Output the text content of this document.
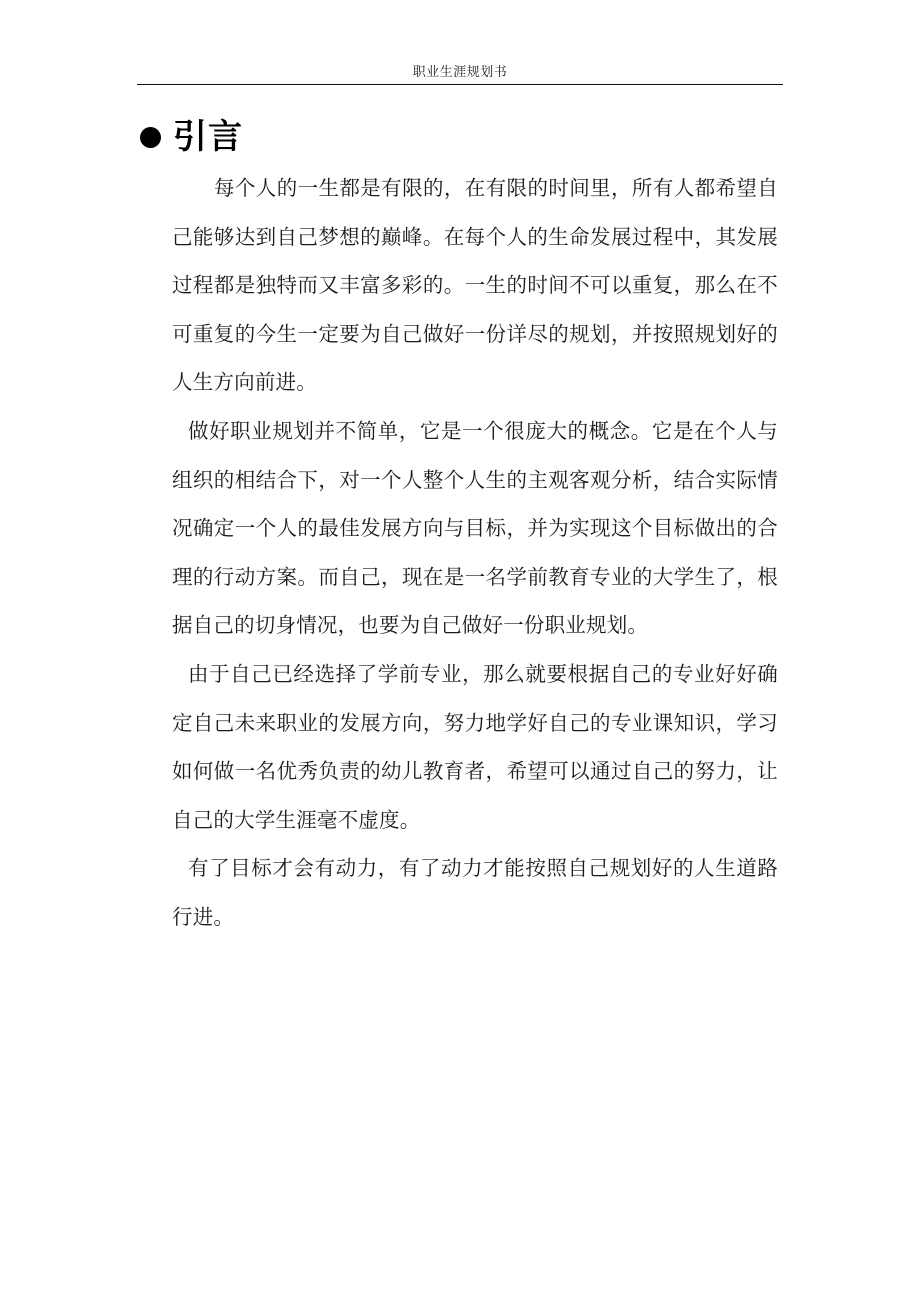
职业生涯规划书
引言

每个人的一生都是有限的，在有限的时间里，所有人都希望自己能够达到自己梦想的巅峰。在每个人的生命发展过程中，其发展过程都是独特而又丰富多彩的。一生的时间不可以重复，那么在不可重复的今生一定要为自己做好一份详尽的规划，并按照规划好的人生方向前进。

做好职业规划并不简单，它是一个很庞大的概念。它是在个人与组织的相结合下，对一个人整个人生的主观客观分析，结合实际情况确定一个人的最佳发展方向与目标，并为实现这个目标做出的合理的行动方案。而自己，现在是一名学前教育专业的大学生了，根据自己的切身情况，也要为自己做好一份职业规划。

由于自己已经选择了学前专业，那么就要根据自己的专业好好确定自己未来职业的发展方向，努力地学好自己的专业课知识，学习如何做一名优秀负责的幼儿教育者，希望可以通过自己的努力，让自己的大学生涯毫不虚度。

有了目标才会有动力，有了动力才能按照自己规划好的人生道路行进。
